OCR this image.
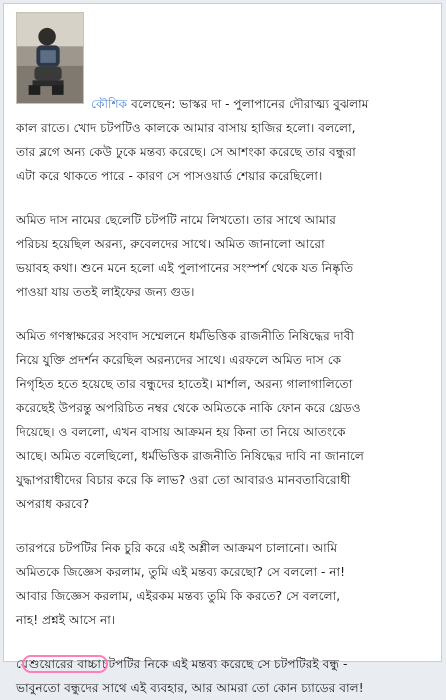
কৌশিক বলেছেন: ভাস্কর দা - পুলাপানের দৌরাত্ম্য বুঝলাম
কাল রাতে। খোদ চটপটিও কালকে আমার বাসায় হাজির হলো। বললো,
তার ব্লগে অন্য কেউ ঢুকে মন্তব্য করেছে। সে আশংকা করেছে তার বন্ধুরা
এটা করে থাকতে পারে - কারণ সে পাসওয়ার্ড শেয়ার করেছিলো।
অমিত দাস নামের ছেলেটি চটপটি নামে লিখতো। তার সাথে আমার
পরিচয় হয়েছিল অরন্য, রুবেলদের সাথে। অমিত জানালো আরো
ভয়াবহ কথা। শুনে মনে হলো এই পুলাপানের সংস্পর্শ থেকে যত নিষ্কৃতি
পাওয়া যায় ততই লাইফের জন্য গুড।
অমিত গণস্বাক্ষরের সংবাদ সম্মেলনে ধর্মভিত্তিক রাজনীতি নিষিদ্ধের দাবী
নিয়ে যুক্তি প্রদর্শন করেছিল অরন্যদের সাথে। এরফলে অমিত দাস কে
নিগৃহিত হতে হয়েছে তার বন্ধুদের হাতেই। মার্শাল, অরন্য গালাগালিতো
করেছেই উপরন্তু অপরিচিত নম্বর থেকে অমিতকে নাকি ফোন করে থ্রেডও
দিয়েছে। ও বললো, এখন বাসায় আক্রমন হয় কিনা তা নিয়ে আতংকে
আছে। অমিত বলেছিলো, ধর্মভিত্তিক রাজনীতি নিষিদ্ধের দাবি না জানালে
যুদ্ধাপরাধীদের বিচার করে কি লাভ? ওরা তো আবারও মানবতাবিরোধী
অপরাধ করবে?
তারপরে চটপটির নিক চুরি করে এই অশ্লীল আক্রমণ চালানো। আমি
অমিতকে জিজ্ঞেস করলাম, তুমি এই মন্তব্য করেছো? সে বললো - না!
আবার জিজ্ঞেস করলাম, এইরকম মন্তব্য তুমি কি করতে? সে বললো,
নাহ! প্রশ্নই আসে না।
যেশুয়োরের বাচ্চাচটপটির নিকে এই মন্তব্য করেছে সে চটপটিরই বন্ধু -
ভাবুনতো বন্ধুদের সাথে এই ব্যবহার, আর আমরা তো কোন চ্যাডের বাল!
